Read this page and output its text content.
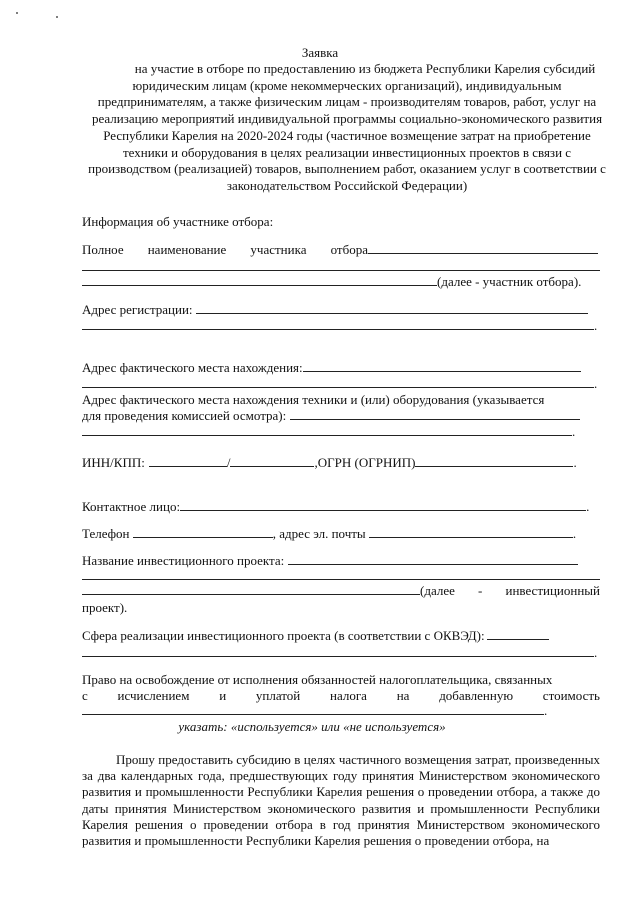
Заявка
на участие в отборе по предоставлению из бюджета Республики Карелия субсидий юридическим лицам (кроме некоммерческих организаций), индивидуальным предпринимателям, а также физическим лицам - производителям товаров, работ, услуг на реализацию мероприятий индивидуальной программы социально-экономического развития Республики Карелия на 2020-2024 годы (частичное возмещение затрат на приобретение техники и оборудования в целях реализации инвестиционных проектов в связи с производством (реализацией) товаров, выполнением работ, оказанием услуг в соответствии с законодательством Российской Федерации)
Информация об участнике отбора:
Полное наименование участника отбора
(далее - участник отбора).
Адрес регистрации:
.
Адрес фактического места нахождения:
.
Адрес фактического места нахождения техники и (или) оборудования (указывается
для проведения комиссией осмотра):
.
ИНН/КПП:	/	,ОГРН (ОГРНИП)	.
Контактное лицо:	.
Телефон	, адрес эл. почты	.
Название инвестиционного проекта:
(далее - инвестиционный
проект).
Сфера реализации инвестиционного проекта (в соответствии с ОКВЭД):
.
Право на освобождение от исполнения обязанностей налогоплательщика, связанных
с исчислением и уплатой налога на добавленную стоимость
.
указать: «используется» или «не используется»
Прошу предоставить субсидию в целях частичного возмещения затрат, произведенных за два календарных года, предшествующих году принятия Министерством экономического развития и промышленности Республики Карелия решения о проведении отбора, а также до даты принятия Министерством экономического развития и промышленности Республики Карелия решения о проведении отбора в год принятия Министерством экономического развития и промышленности Республики Карелия решения о проведении отбора, на
